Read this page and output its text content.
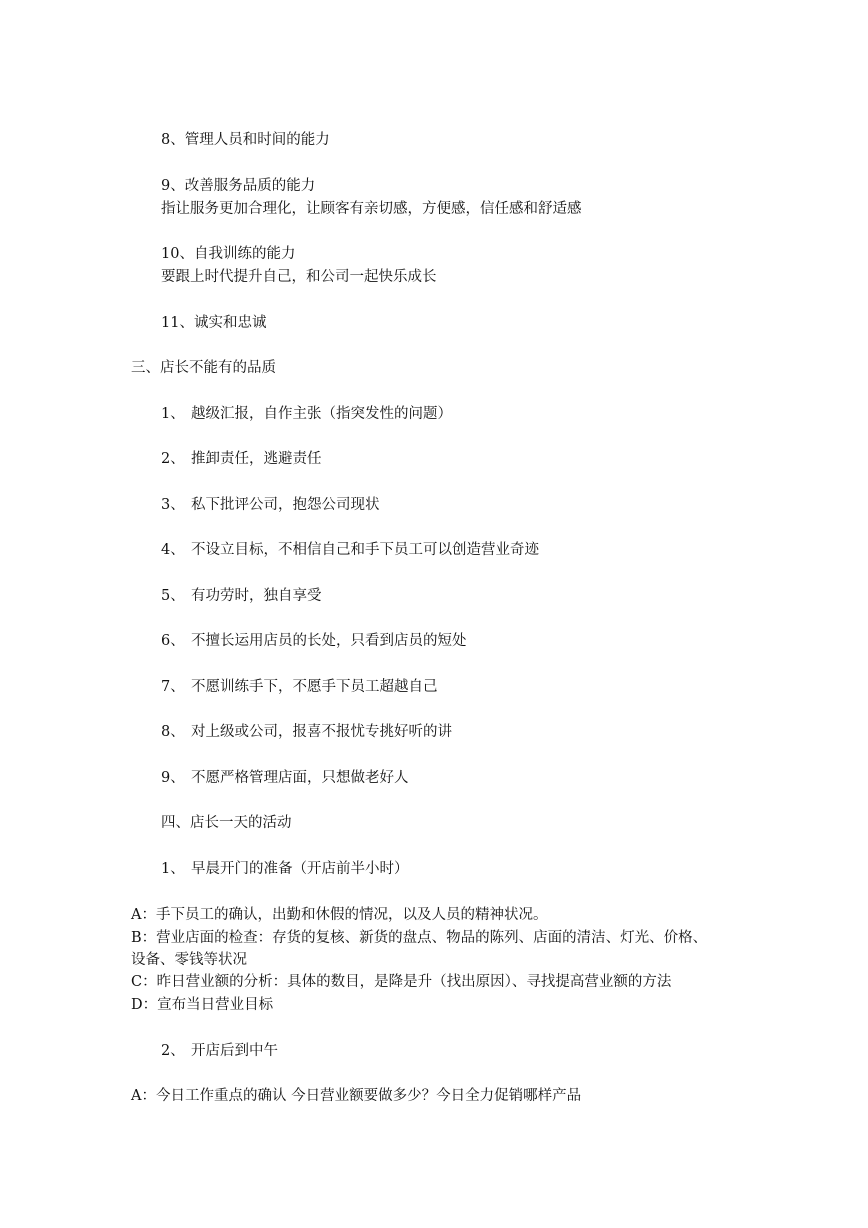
8、管理人员和时间的能力
9、改善服务品质的能力
指让服务更加合理化，让顾客有亲切感，方便感，信任感和舒适感
10、自我训练的能力
要跟上时代提升自己，和公司一起快乐成长
11、诚实和忠诚
三、店长不能有的品质
1、 越级汇报，自作主张（指突发性的问题）
2、 推卸责任，逃避责任
3、 私下批评公司，抱怨公司现状
4、 不设立目标，不相信自己和手下员工可以创造营业奇迹
5、 有功劳时，独自享受
6、 不擅长运用店员的长处，只看到店员的短处
7、 不愿训练手下，不愿手下员工超越自己
8、 对上级或公司，报喜不报忧专挑好听的讲
9、 不愿严格管理店面，只想做老好人
四、店长一天的活动
1、 早晨开门的准备（开店前半小时）
A：手下员工的确认，出勤和休假的情况，以及人员的精神状况。
B：营业店面的检查：存货的复核、新货的盘点、物品的陈列、店面的清洁、灯光、价格、
设备、零钱等状况
C：昨日营业额的分析：具体的数目，是降是升（找出原因）、寻找提高营业额的方法
D：宣布当日营业目标
2、 开店后到中午
A：今日工作重点的确认 今日营业额要做多少？今日全力促销哪样产品
